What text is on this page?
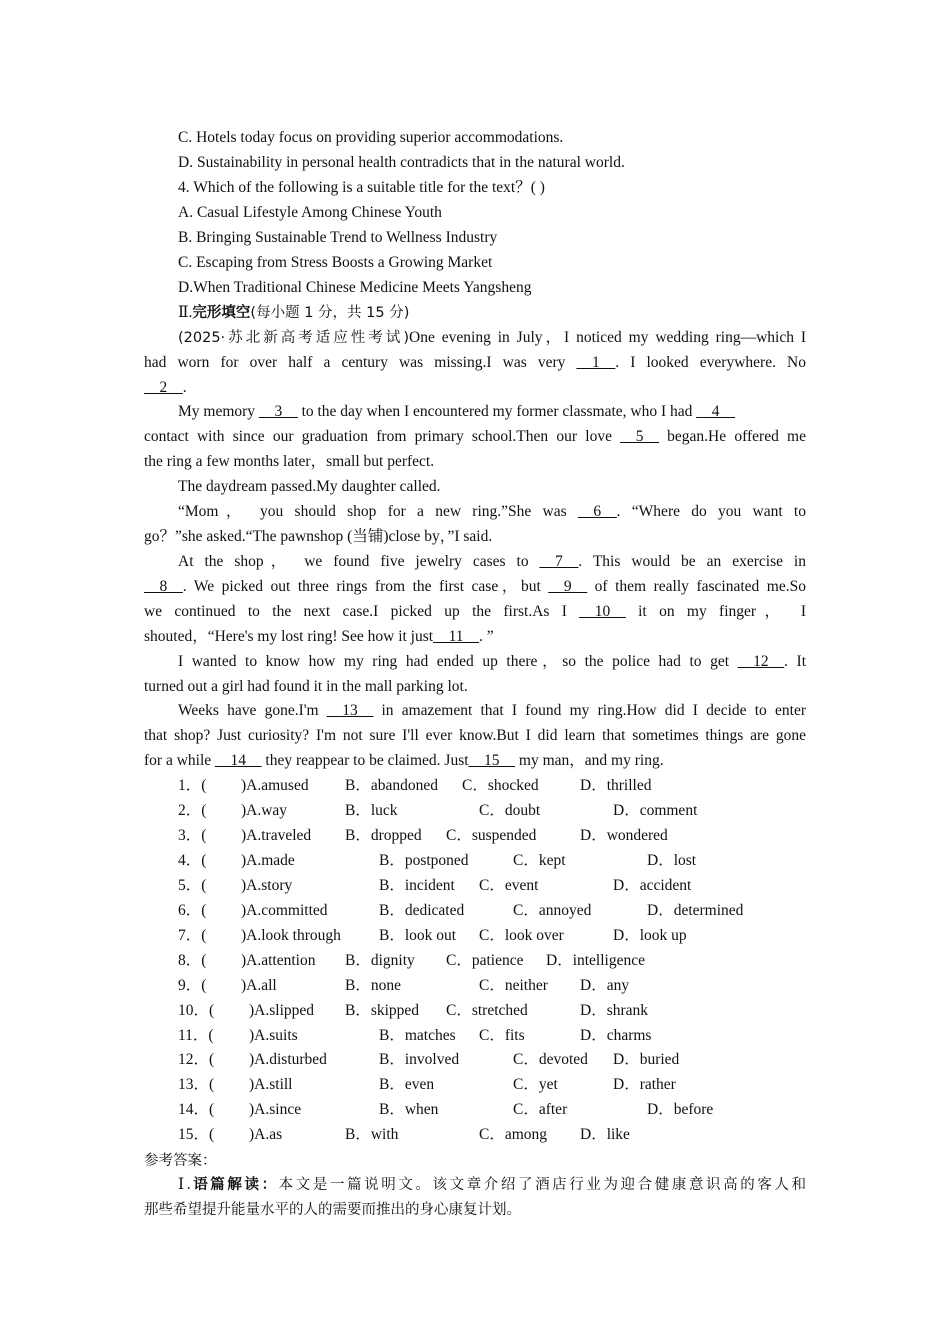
C. Hotels today focus on providing superior accommodations.
D. Sustainability in personal health contradicts that in the natural world.
4. Which of the following is a suitable title for the text？( )
A. Casual Lifestyle Among Chinese Youth
B. Bringing Sustainable Trend to Wellness Industry
C. Escaping from Stress Boosts a Growing Market
D.When Traditional Chinese Medicine Meets Yangsheng
Ⅱ.完形填空(每小题 1 分，共 15 分)
(2025·苏北新高考适应性考试)One evening in July，I noticed my wedding ring—which I
had worn for over half a century was missing.I was very __1__. I looked everywhere. No
__2__.
My memory __3__ to the day when I encountered my former classmate, who I had __4__
contact with since our graduation from primary school.Then our love __5__ began.He offered me
the ring a few months later，small but perfect.
The daydream passed.My daughter called.
“Mom， you should shop for a new ring.”She was __6__. “Where do you want to
go？”she asked.“The pawnshop (当铺)close by，”I said.
At the shop， we found five jewelry cases to __7__. This would be an exercise in
__8__. We picked out three rings from the first case，but __9__ of them really fascinated me.So
we continued to the next case.I picked up the first.As I __10__ it on my finger， I
shouted，“Here's my lost ring! See how it just__11__. ”
I wanted to know how my ring had ended up there，so the police had to get __12__. It
turned out a girl had found it in the mall parking lot.
Weeks have gone.I'm __13__ in amazement that I found my ring.How did I decide to enter
that shop? Just curiosity? I'm not sure I'll ever know.But I did learn that sometimes things are gone
for a while __14__ they reappear to be claimed. Just__15__ my man，and my ring.
1．( )A.amused B．abandoned C．shocked	D．thrilled
2．( )A.way	B．luck	C．doubt	D．comment
3．( )A.traveled B．dropped C．suspended	D．wondered
4．( )A.made	B．postponed	C．kept	D．lost
5．( )A.story	B．incident C．event	D．accident
6．( )A.committed	B．dedicated	C．annoyed	D．determined
7．( )A.look through B．look out C．look over	D．look up
8．( )A.attention B．dignity C．patience D．intelligence
9．( )A.all	B．none	C．neither D．any
10．( )A.slipped B．skipped C．stretched	D．shrank
11．( )A.suits	B．matches C．fits	D．charms
12．( )A.disturbed	B．involved	C．devoted D．buried
13．( )A.still	B．even	C．yet	D．rather
14．( )A.since	B．when	C．after	D．before
15．( )A.as	B．with	C．among D．like
参考答案：
Ⅰ.语篇解读：本文是一篇说明文。该文章介绍了酒店行业为迎合健康意识高的客人和
那些希望提升能量水平的人的需要而推出的身心康复计划。
